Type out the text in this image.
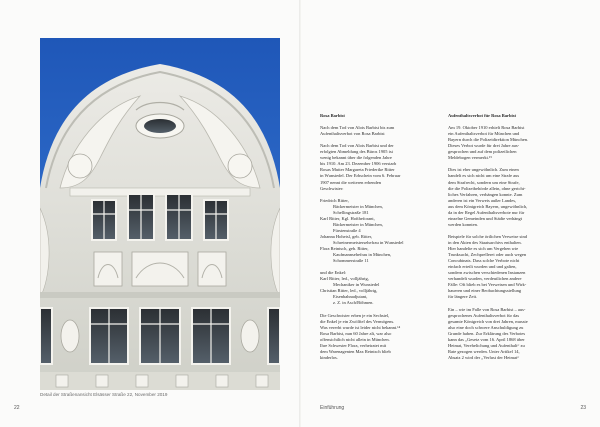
Detail der Straßenansicht Elsässer Straße 22, November 2019
22	Einführung	23

Rosa Barbist

Nach dem Tod von Alois Barbist bis zum
Aufenthaltsverbot von Rosa Barbist

Nach dem Tod von Alois Barbist und der
erfolgten Abmeldung des Büros 1905 ist
wenig bekannt über die folgenden Jahre
bis 1910. Am 23. Dezember 1906 verstarb
Rosas Mutter Margareta Friederike Ritter
in Wunsiedel. Der Erbschein vom 6. Februar
1907 nennt die weiteren erbenden
Geschwister:

Friedrich Ritter,
Bäckermeister in München,
Schellingstraße 181
Karl Ritter, Kgl. Hoftheforant,
Bäckermeister in München,
Fürstenstraße 4
Johanna Hoheisl, geb. Ritter,
Schreinermeistersehefrau in Wunsiedel
Flora Reintsch, geb. Ritter,
Kaufmannsehefrau in München,
Schommerstraße 11

und die Enkel:
Karl Ritter, led., volljährig,
Mechaniker in Wunsiedel
Christian Ritter, led., volljährig,
Eisenbahnadjutant,
z. Z. in Asch/Böhmen.

Die Geschwister erben je ein Sechstel,
die Enkel je ein Zwölftel des Vermögens.
Was vererbt wurde ist leider nicht bekannt.¹⁴
Rosa Barbist, nun 60 Jahre alt, war also
offensichtlich nicht allein in München.
Ihre Schwester Flora, verheiratet mit
dem Warenagenten Max Reintsch blieb
kinderlos.

Aufenthaltsverbot für Rosa Barbist

Am 19. Oktober 1910 erhielt Rosa Barbist
ein Aufenthaltsverbot für München und
Bayern durch die Polizeidirektion München.
Dieses Verbot wurde für drei Jahre aus-
gesprochen und auf dem polizeilichen
Meldebogen vermerkt.¹⁵

Dies ist eher ungewöhnlich. Zum einen
handelt es sich nicht um eine Strafe aus
dem Strafrecht, sondern um eine Strafe,
die die Polizeibehörde allein, ohne gericht-
liches Verfahren, verhängen konnte. Zum
anderen ist ein Verweis außer Landes,
aus dem Königreich Bayern, ungewöhnlich,
da in der Regel Aufenthaltsverbote nur für
einzelne Gemeinden und Städte verhängt
werden konnten.

Beispiele für solche örtlichen Verweise sind
in den Akten des Staatsarchivs enthalten.
Hier handelte es sich um Vergehen wie
Trunksucht, Zechprellerei oder auch wegen
Concubinats. Dass solche Verbote nicht
einfach erteilt wurden und und galten,
sondern zwischen verschiedenen Instanzen
verhandelt wurden, verdeutlichen andere
Fälle: Oft blieb es bei Verweisen und Wirk-
haueren und einer Beobachtungsstellung
für längere Zeit.

Ein – wie im Falle von Rosa Barbist – aus-
gesprochenes Aufenthaltsverbot für das
gesamte Königreich von drei Jahren, musste
also eine doch schwere Anschuldigung zu
Grunde haben. Zur Erklärung des Verbotes
kann das „Gesetz vom 16. April 1868 über
Heimat, Verehelichung und Aufenthalt“ zu
Rate gezogen werden. Unter Artikel 14,
Absatz 2 wird der „Verlust der Heimat“
